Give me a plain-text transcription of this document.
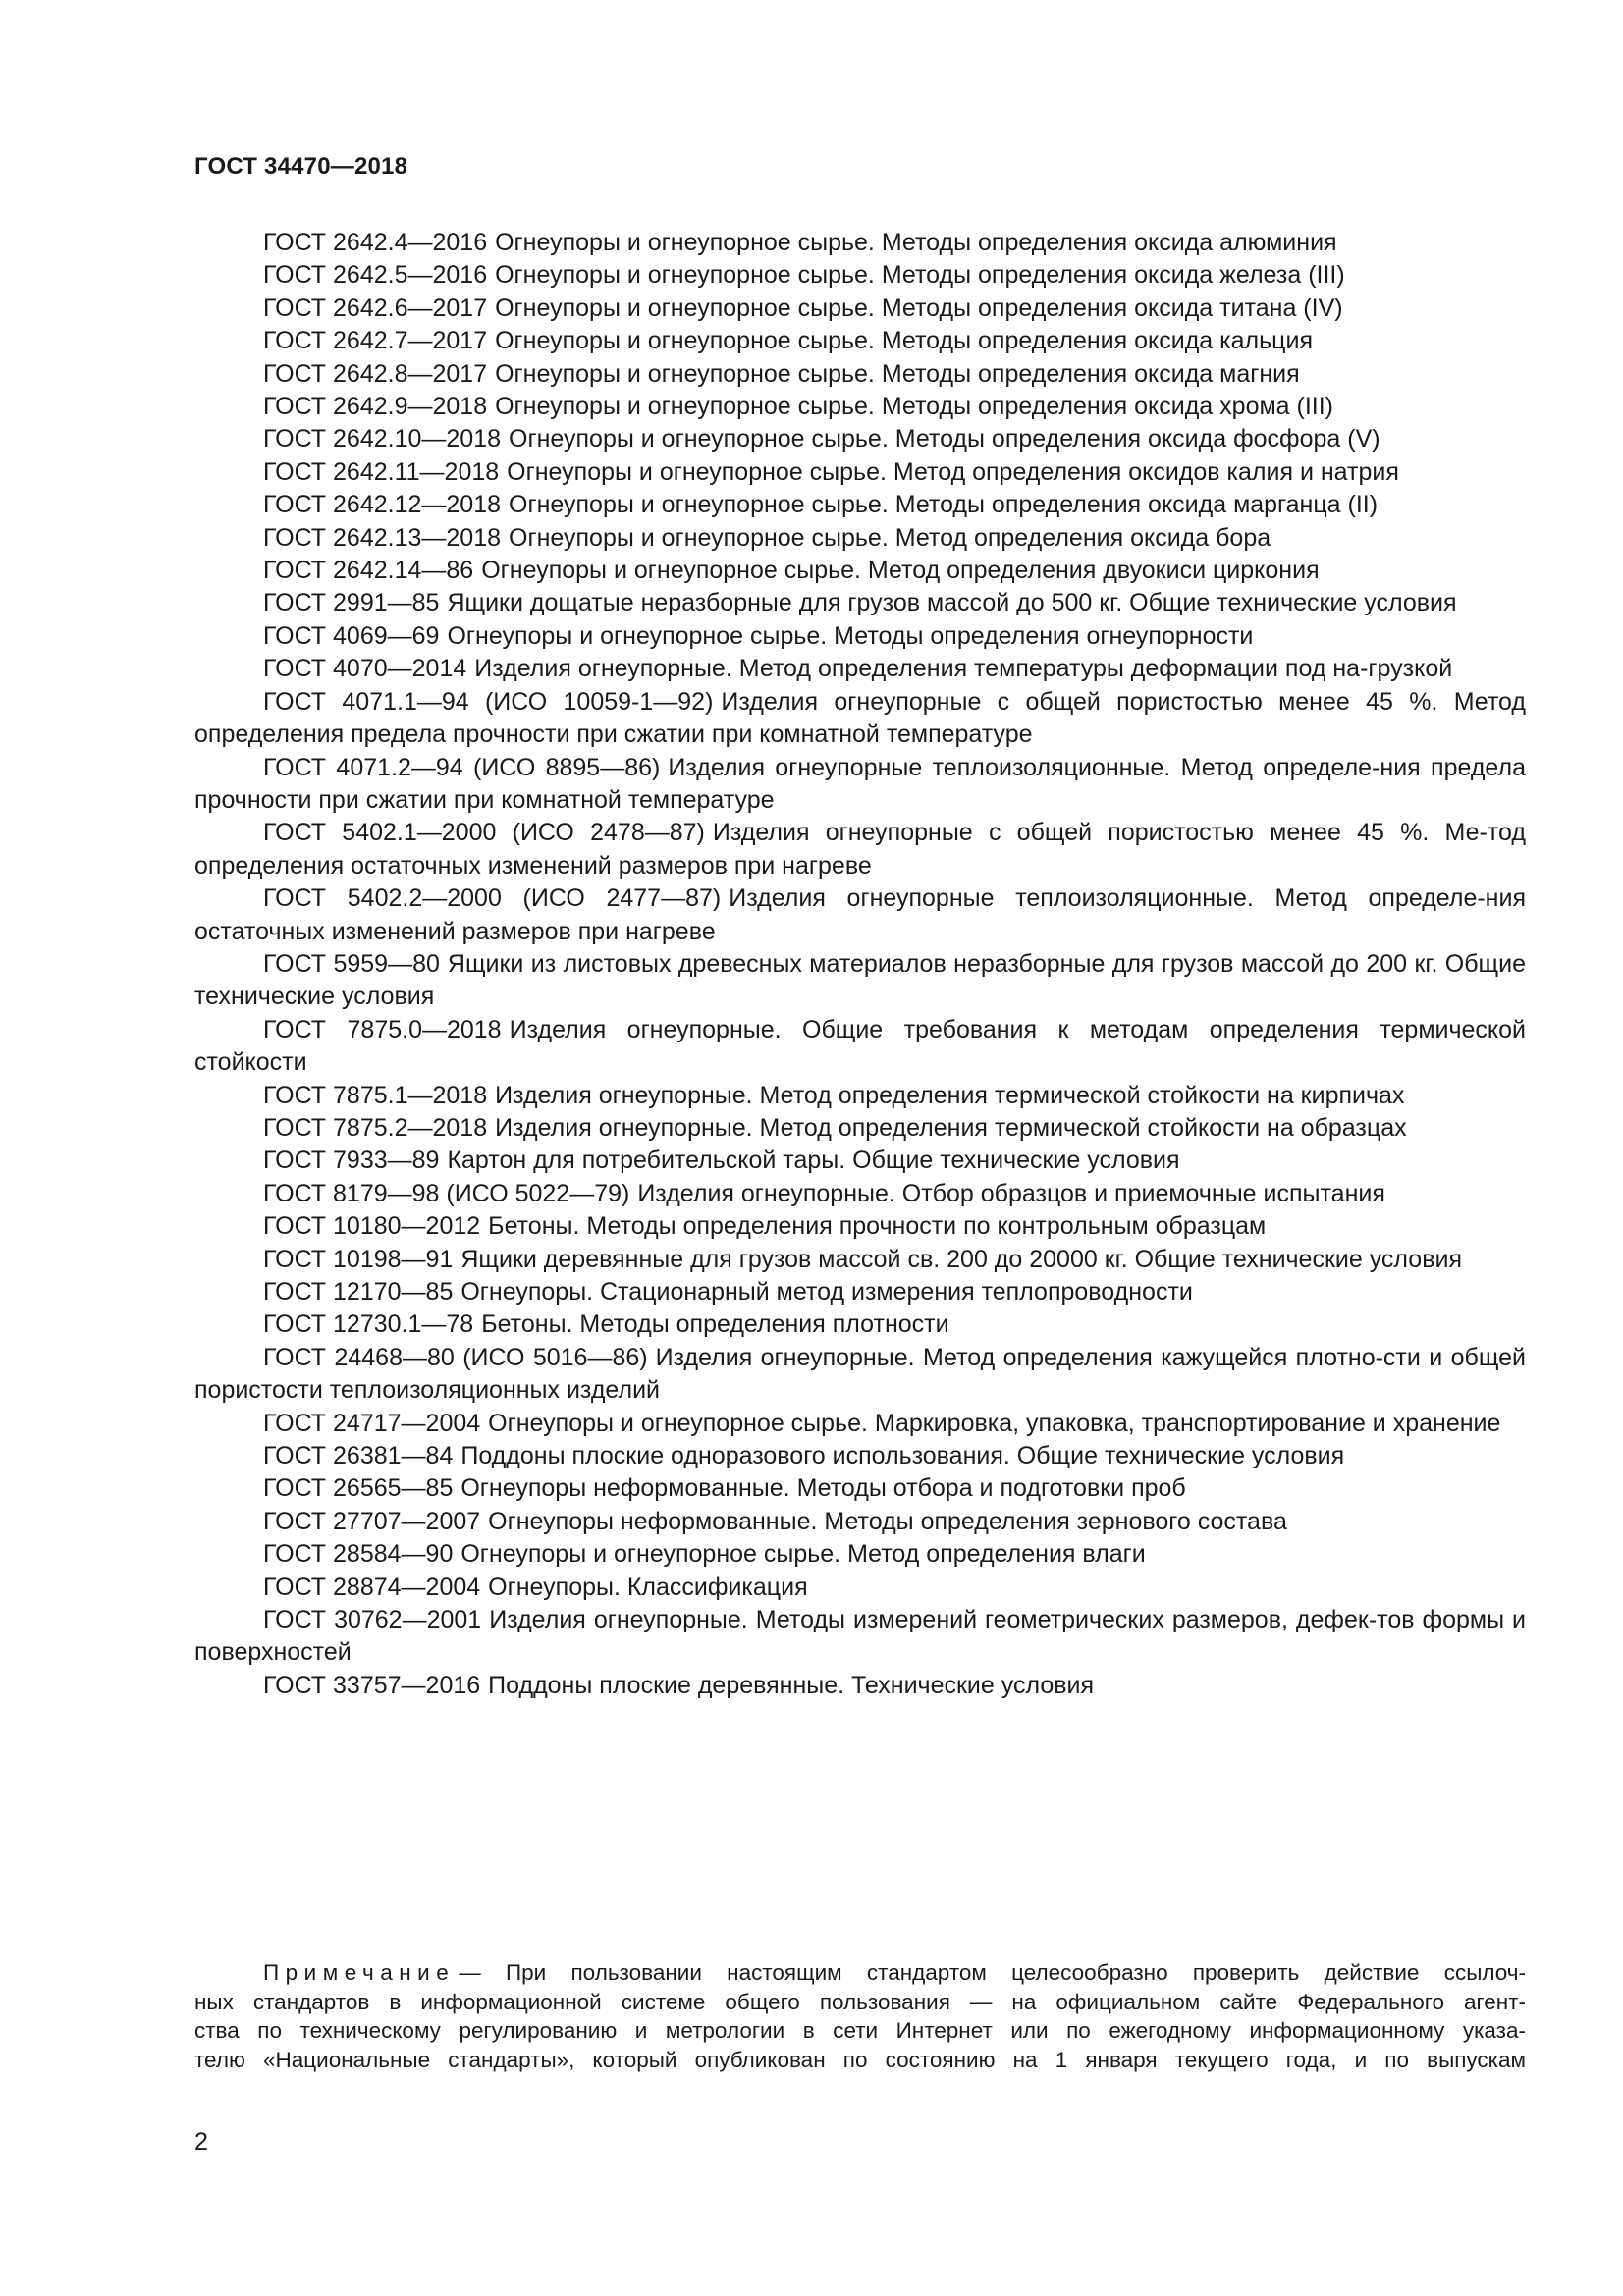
ГОСТ 34470—2018

ГОСТ 2642.4—2016 Огнеупоры и огнеупорное сырье. Методы определения оксида алюминия

ГОСТ 2642.5—2016 Огнеупоры и огнеупорное сырье. Методы определения оксида железа (III)

ГОСТ 2642.6—2017 Огнеупоры и огнеупорное сырье. Методы определения оксида титана (IV)

ГОСТ 2642.7—2017 Огнеупоры и огнеупорное сырье. Методы определения оксида кальция

ГОСТ 2642.8—2017 Огнеупоры и огнеупорное сырье. Методы определения оксида магния

ГОСТ 2642.9—2018 Огнеупоры и огнеупорное сырье. Методы определения оксида хрома (III)

ГОСТ 2642.10—2018 Огнеупоры и огнеупорное сырье. Методы определения оксида фосфора (V)

ГОСТ 2642.11—2018 Огнеупоры и огнеупорное сырье. Метод определения оксидов калия и натрия

ГОСТ 2642.12—2018 Огнеупоры и огнеупорное сырье. Методы определения оксида марганца (II)

ГОСТ 2642.13—2018 Огнеупоры и огнеупорное сырье. Метод определения оксида бора

ГОСТ 2642.14—86 Огнеупоры и огнеупорное сырье. Метод определения двуокиси циркония

ГОСТ 2991—85 Ящики дощатые неразборные для грузов массой до 500 кг. Общие технические условия

ГОСТ 4069—69 Огнеупоры и огнеупорное сырье. Методы определения огнеупорности

ГОСТ 4070—2014 Изделия огнеупорные. Метод определения температуры деформации под на-грузкой

ГОСТ 4071.1—94 (ИСО 10059-1—92) Изделия огнеупорные с общей пористостью менее 45 %. Метод определения предела прочности при сжатии при комнатной температуре

ГОСТ 4071.2—94 (ИСО 8895—86) Изделия огнеупорные теплоизоляционные. Метод определе-ния предела прочности при сжатии при комнатной температуре

ГОСТ 5402.1—2000 (ИСО 2478—87) Изделия огнеупорные с общей пористостью менее 45 %. Ме-тод определения остаточных изменений размеров при нагреве

ГОСТ 5402.2—2000 (ИСО 2477—87) Изделия огнеупорные теплоизоляционные. Метод определе-ния остаточных изменений размеров при нагреве

ГОСТ 5959—80 Ящики из листовых древесных материалов неразборные для грузов массой до 200 кг. Общие технические условия

ГОСТ 7875.0—2018 Изделия огнеупорные. Общие требования к методам определения термической стойкости

ГОСТ 7875.1—2018 Изделия огнеупорные. Метод определения термической стойкости на кирпичах

ГОСТ 7875.2—2018 Изделия огнеупорные. Метод определения термической стойкости на образцах

ГОСТ 7933—89 Картон для потребительской тары. Общие технические условия

ГОСТ 8179—98 (ИСО 5022—79) Изделия огнеупорные. Отбор образцов и приемочные испытания

ГОСТ 10180—2012 Бетоны. Методы определения прочности по контрольным образцам

ГОСТ 10198—91 Ящики деревянные для грузов массой св. 200 до 20000 кг. Общие технические условия

ГОСТ 12170—85 Огнеупоры. Стационарный метод измерения теплопроводности

ГОСТ 12730.1—78 Бетоны. Методы определения плотности

ГОСТ 24468—80 (ИСО 5016—86) Изделия огнеупорные. Метод определения кажущейся плотно-сти и общей пористости теплоизоляционных изделий

ГОСТ 24717—2004 Огнеупоры и огнеупорное сырье. Маркировка, упаковка, транспортирование и хранение

ГОСТ 26381—84 Поддоны плоские одноразового использования. Общие технические условия

ГОСТ 26565—85 Огнеупоры неформованные. Методы отбора и подготовки проб

ГОСТ 27707—2007 Огнеупоры неформованные. Методы определения зернового состава

ГОСТ 28584—90 Огнеупоры и огнеупорное сырье. Метод определения влаги

ГОСТ 28874—2004 Огнеупоры. Классификация

ГОСТ 30762—2001 Изделия огнеупорные. Методы измерений геометрических размеров, дефек-тов формы и поверхностей

ГОСТ 33757—2016 Поддоны плоские деревянные. Технические условия

Примечание — При пользовании настоящим стандартом целесообразно проверить действие ссылоч-

ных стандартов в информационной системе общего пользования — на официальном сайте Федерального агент-

ства по техническому регулированию и метрологии в сети Интернет или по ежегодному информационному указа-

телю «Национальные стандарты», который опубликован по состоянию на 1 января текущего года, и по выпускам

2
